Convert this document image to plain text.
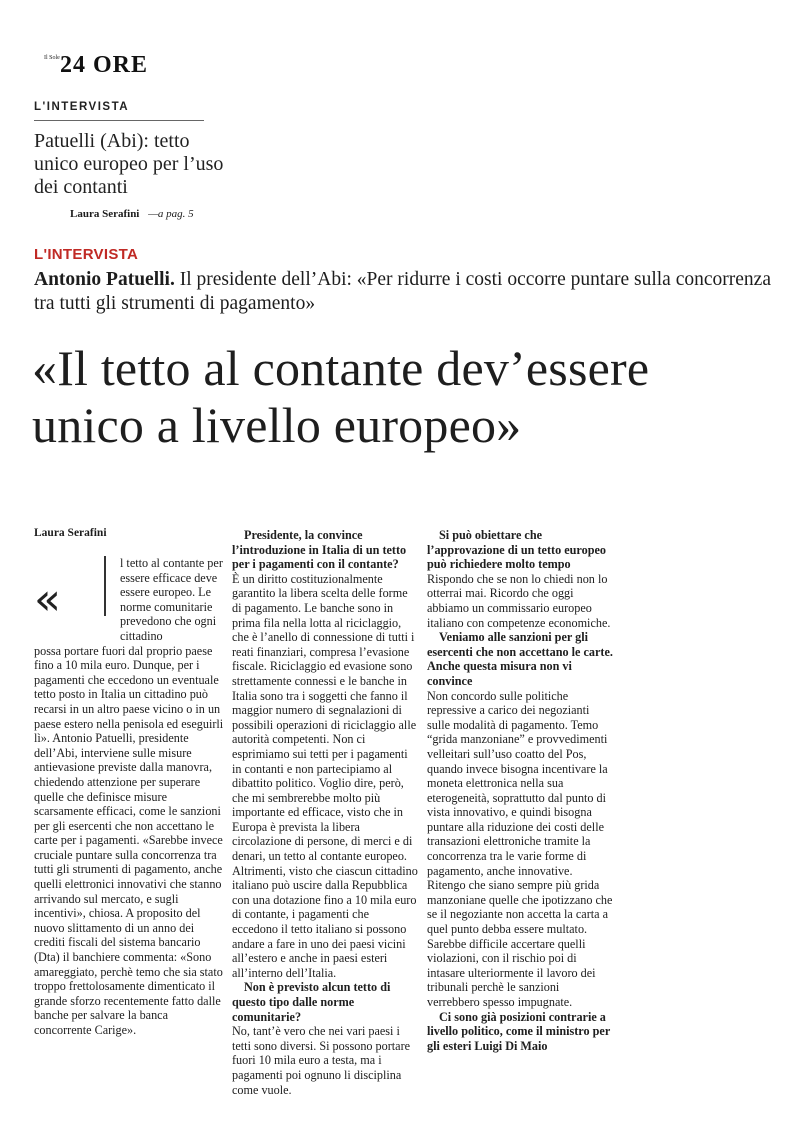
Il Sole 24 ORE
L'INTERVISTA
Patuelli (Abi): tetto unico europeo per l’uso dei contanti
Laura Serafini —a pag. 5
L'INTERVISTA
Antonio Patuelli. Il presidente dell’Abi: «Per ridurre i costi occorre puntare sulla concorrenza tra tutti gli strumenti di pagamento»
«Il tetto al contante dev’essere unico a livello europeo»
Laura Serafini
«

l tetto al contante per essere efficace deve essere europeo. Le norme comunitarie prevedono che ogni cittadino

possa portare fuori dal proprio paese fino a 10 mila euro. Dunque, per i pagamenti che eccedono un eventuale tetto posto in Italia un cittadino può recarsi in un altro paese vicino o in un paese estero nella penisola ed eseguirli lì». Antonio Patuelli, presidente dell’Abi, interviene sulle misure antievasione previste dalla manovra, chiedendo attenzione per superare quelle che definisce misure scarsamente efficaci, come le sanzioni per gli esercenti che non accettano le carte per i pagamenti. «Sarebbe invece cruciale puntare sulla concorrenza tra tutti gli strumenti di pagamento, anche quelli elettronici innovativi che stanno arrivando sul mercato, e sugli incentivi», chiosa. A proposito del nuovo slittamento di un anno dei crediti fiscali del sistema bancario (Dta) il banchiere commenta: «Sono amareggiato, perchè temo che sia stato troppo frettolosamente dimenticato il grande sforzo recentemente fatto dalle banche per salvare la banca concorrente Carige».

Presidente, la convince l’introduzione in Italia di un tetto per i pagamenti con il contante?

È un diritto costituzionalmente garantito la libera scelta delle forme di pagamento. Le banche sono in prima fila nella lotta al riciclaggio, che è l’anello di connessione di tutti i reati finanziari, compresa l’evasione fiscale. Riciclaggio ed evasione sono strettamente connessi e le banche in Italia sono tra i soggetti che fanno il maggior numero di segnalazioni di possibili operazioni di riciclaggio alle autorità competenti. Non ci esprimiamo sui tetti per i pagamenti in contanti e non partecipiamo al dibattito politico. Voglio dire, però, che mi sembrerebbe molto più importante ed efficace, visto che in Europa è prevista la libera circolazione di persone, di merci e di denari, un tetto al contante europeo. Altrimenti, visto che ciascun cittadino italiano può uscire dalla Repubblica con una dotazione fino a 10 mila euro di contante, i pagamenti che eccedono il tetto italiano si possono andare a fare in uno dei paesi vicini all’estero e anche in paesi esteri all’interno dell’Italia.

Non è previsto alcun tetto di questo tipo dalle norme comunitarie?

No, tant’è vero che nei vari paesi i tetti sono diversi. Si possono portare fuori 10 mila euro a testa, ma i pagamenti poi ognuno li disciplina come vuole.

Si può obiettare che l’approvazione di un tetto europeo può richiedere molto tempo

Rispondo che se non lo chiedi non lo otterrai mai. Ricordo che oggi abbiamo un commissario europeo italiano con competenze economiche.

Veniamo alle sanzioni per gli esercenti che non accettano le carte. Anche questa misura non vi convince

Non concordo sulle politiche repressive a carico dei negozianti sulle modalità di pagamento. Temo “grida manzoniane” e provvedimenti velleitari sull’uso coatto del Pos, quando invece bisogna incentivare la moneta elettronica nella sua eterogeneità, soprattutto dal punto di vista innovativo, e quindi bisogna puntare alla riduzione dei costi delle transazioni elettroniche tramite la concorrenza tra le varie forme di pagamento, anche innovative. Ritengo che siano sempre più grida manzoniane quelle che ipotizzano che se il negoziante non accetta la carta a quel punto debba essere multato. Sarebbe difficile accertare quelli violazioni, con il rischio poi di intasare ulteriormente il lavoro dei tribunali perchè le sanzioni verrebbero spesso impugnate.

Ci sono già posizioni contrarie a livello politico, come il ministro per gli esteri Luigi Di Maio
